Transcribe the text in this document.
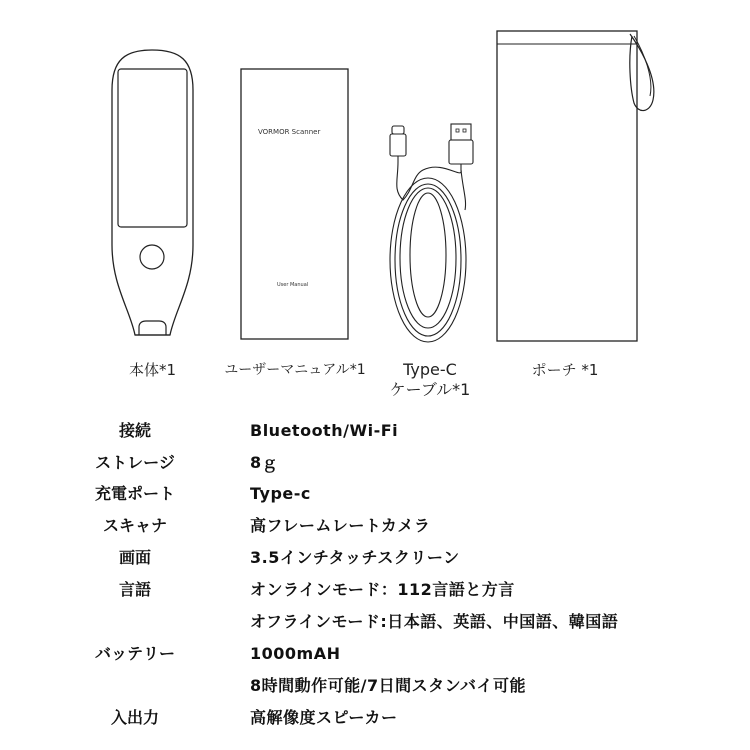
本体*1
VORMOR Scanner
User Manual
ユーザーマニュアル*1	Type-C
ケーブル*1
ポーチ *1
接続	Bluetooth/Wi-Fi
ストレージ	8ｇ
充電ポート	Type-c
スキャナ	高フレームレートカメラ
画面	3.5インチタッチスクリーン
言語	オンラインモード：112言語と方言
オフラインモード:日本語、英語、中国語、韓国語
バッテリー	1000mAH
8時間動作可能/7日間スタンバイ可能
入出力	高解像度スピーカー
